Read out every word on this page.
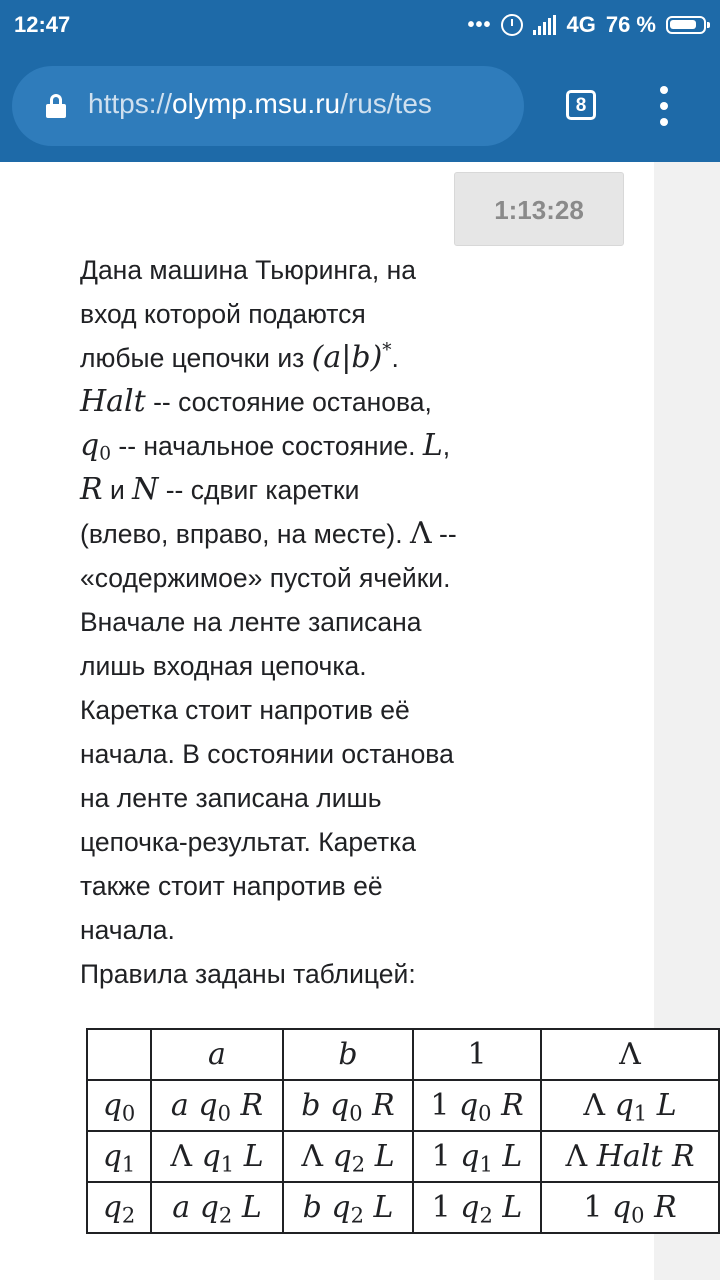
12:47	•••	4G 76 %
https://olymp.msu.ru/rus/tes	8
1:13:28
Дана машина Тьюринга, на
вход которой подаются
любые цепочки из (a|b)*.
Halt -- состояние останова,
$q_0$ -- начальное состояние. L,
R и N -- сдвиг каретки
(влево, вправо, на месте). Λ --
«содержимое» пустой ячейки.
Вначале на ленте записана
лишь входная цепочка.
Каретка стоит напротив её
начала. В состоянии останова
на ленте записана лишь
цепочка-результат. Каретка
также стоит напротив её
начала.
Правила заданы таблицей:
	a	b	1	Λ
$q_0$	a $q_0$ R	b $q_0$ R	1 $q_0$ R	Λ $q_1$ L
$q_1$	Λ $q_1$ L	Λ $q_2$ L	1 $q_1$ L	Λ Halt R
$q_2$	a $q_2$ L	b $q_2$ L	1 $q_2$ L	1 $q_0$ R
